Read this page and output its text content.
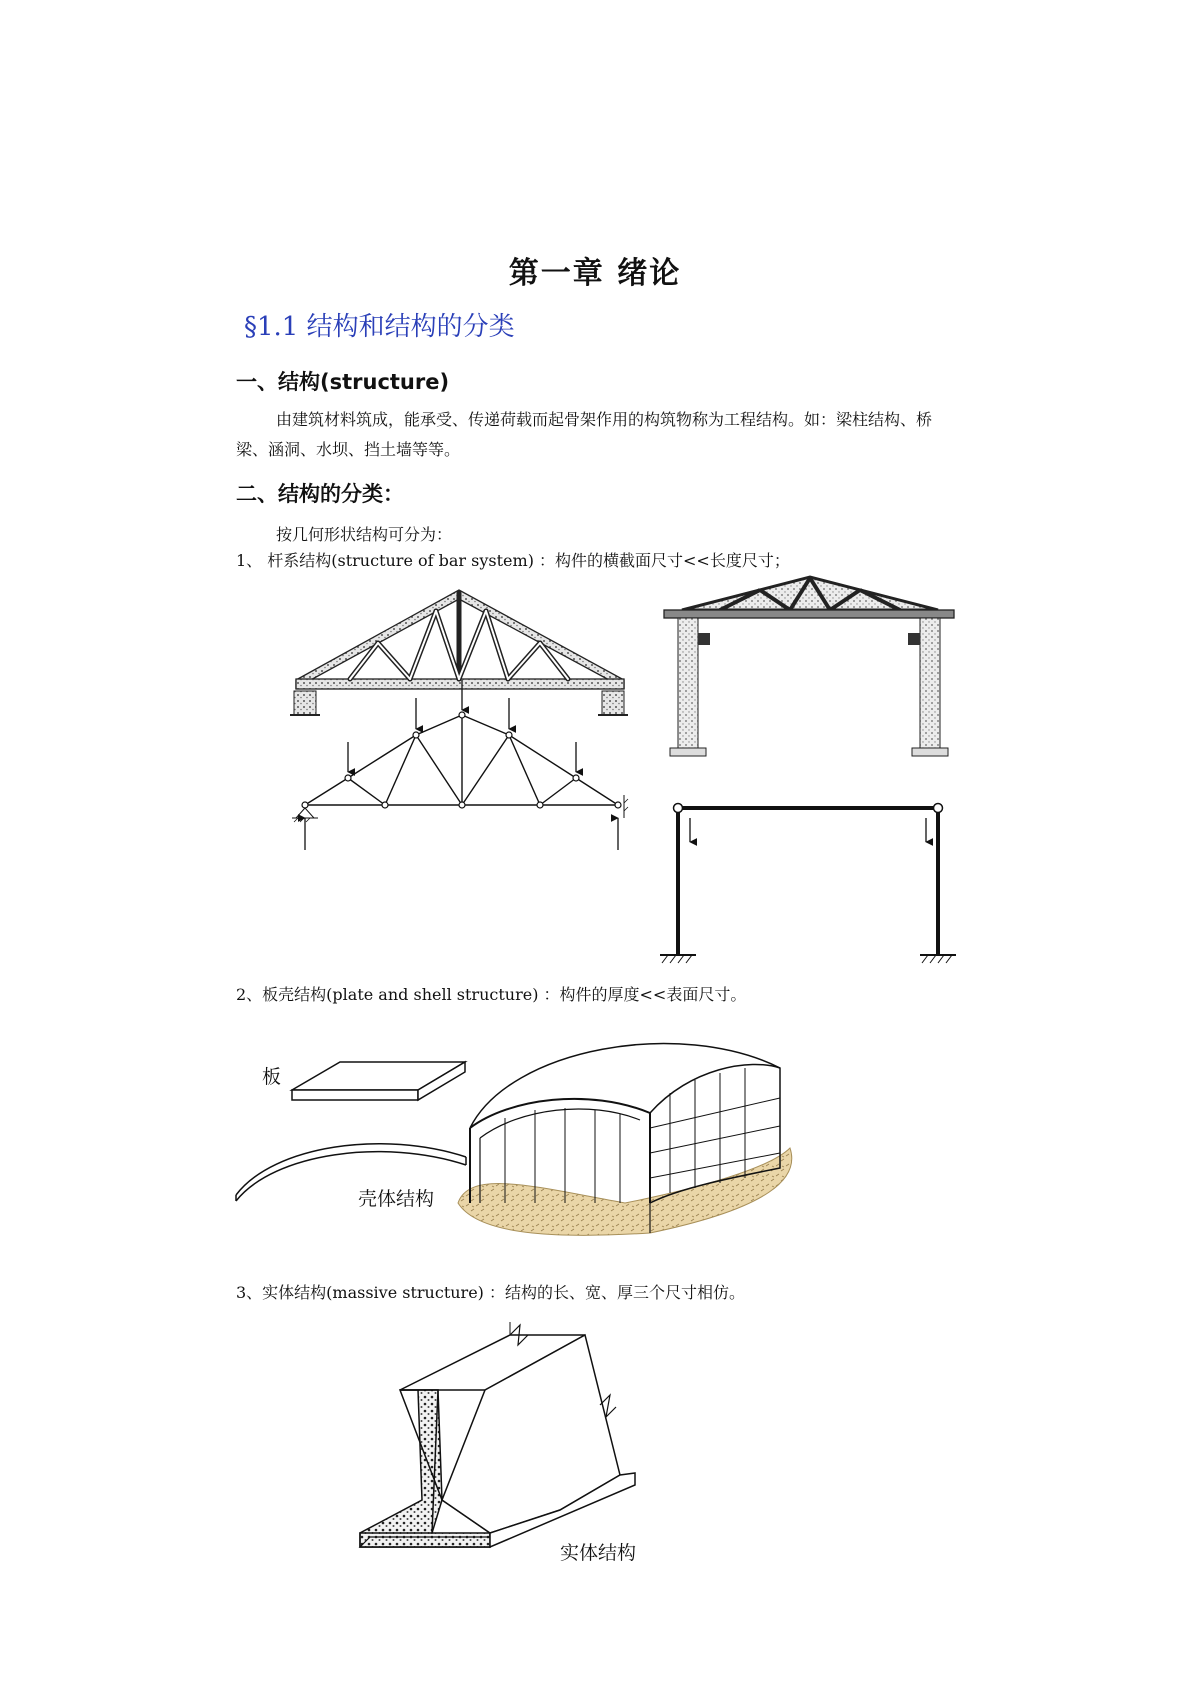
第一章 绪论
§1.1 结构和结构的分类
一、结构(structure)
由建筑材料筑成，能承受、传递荷载而起骨架作用的构筑物称为工程结构。如：梁柱结构、桥梁、涵洞、水坝、挡土墙等等。
二、结构的分类：
按几何形状结构可分为：
1、 杆系结构(structure of bar system) ：构件的横截面尺寸<<长度尺寸；
2、板壳结构(plate and shell structure) ：构件的厚度<<表面尺寸。
板
壳体结构
3、实体结构(massive structure) ：结构的长、宽、厚三个尺寸相仿。
实体结构
